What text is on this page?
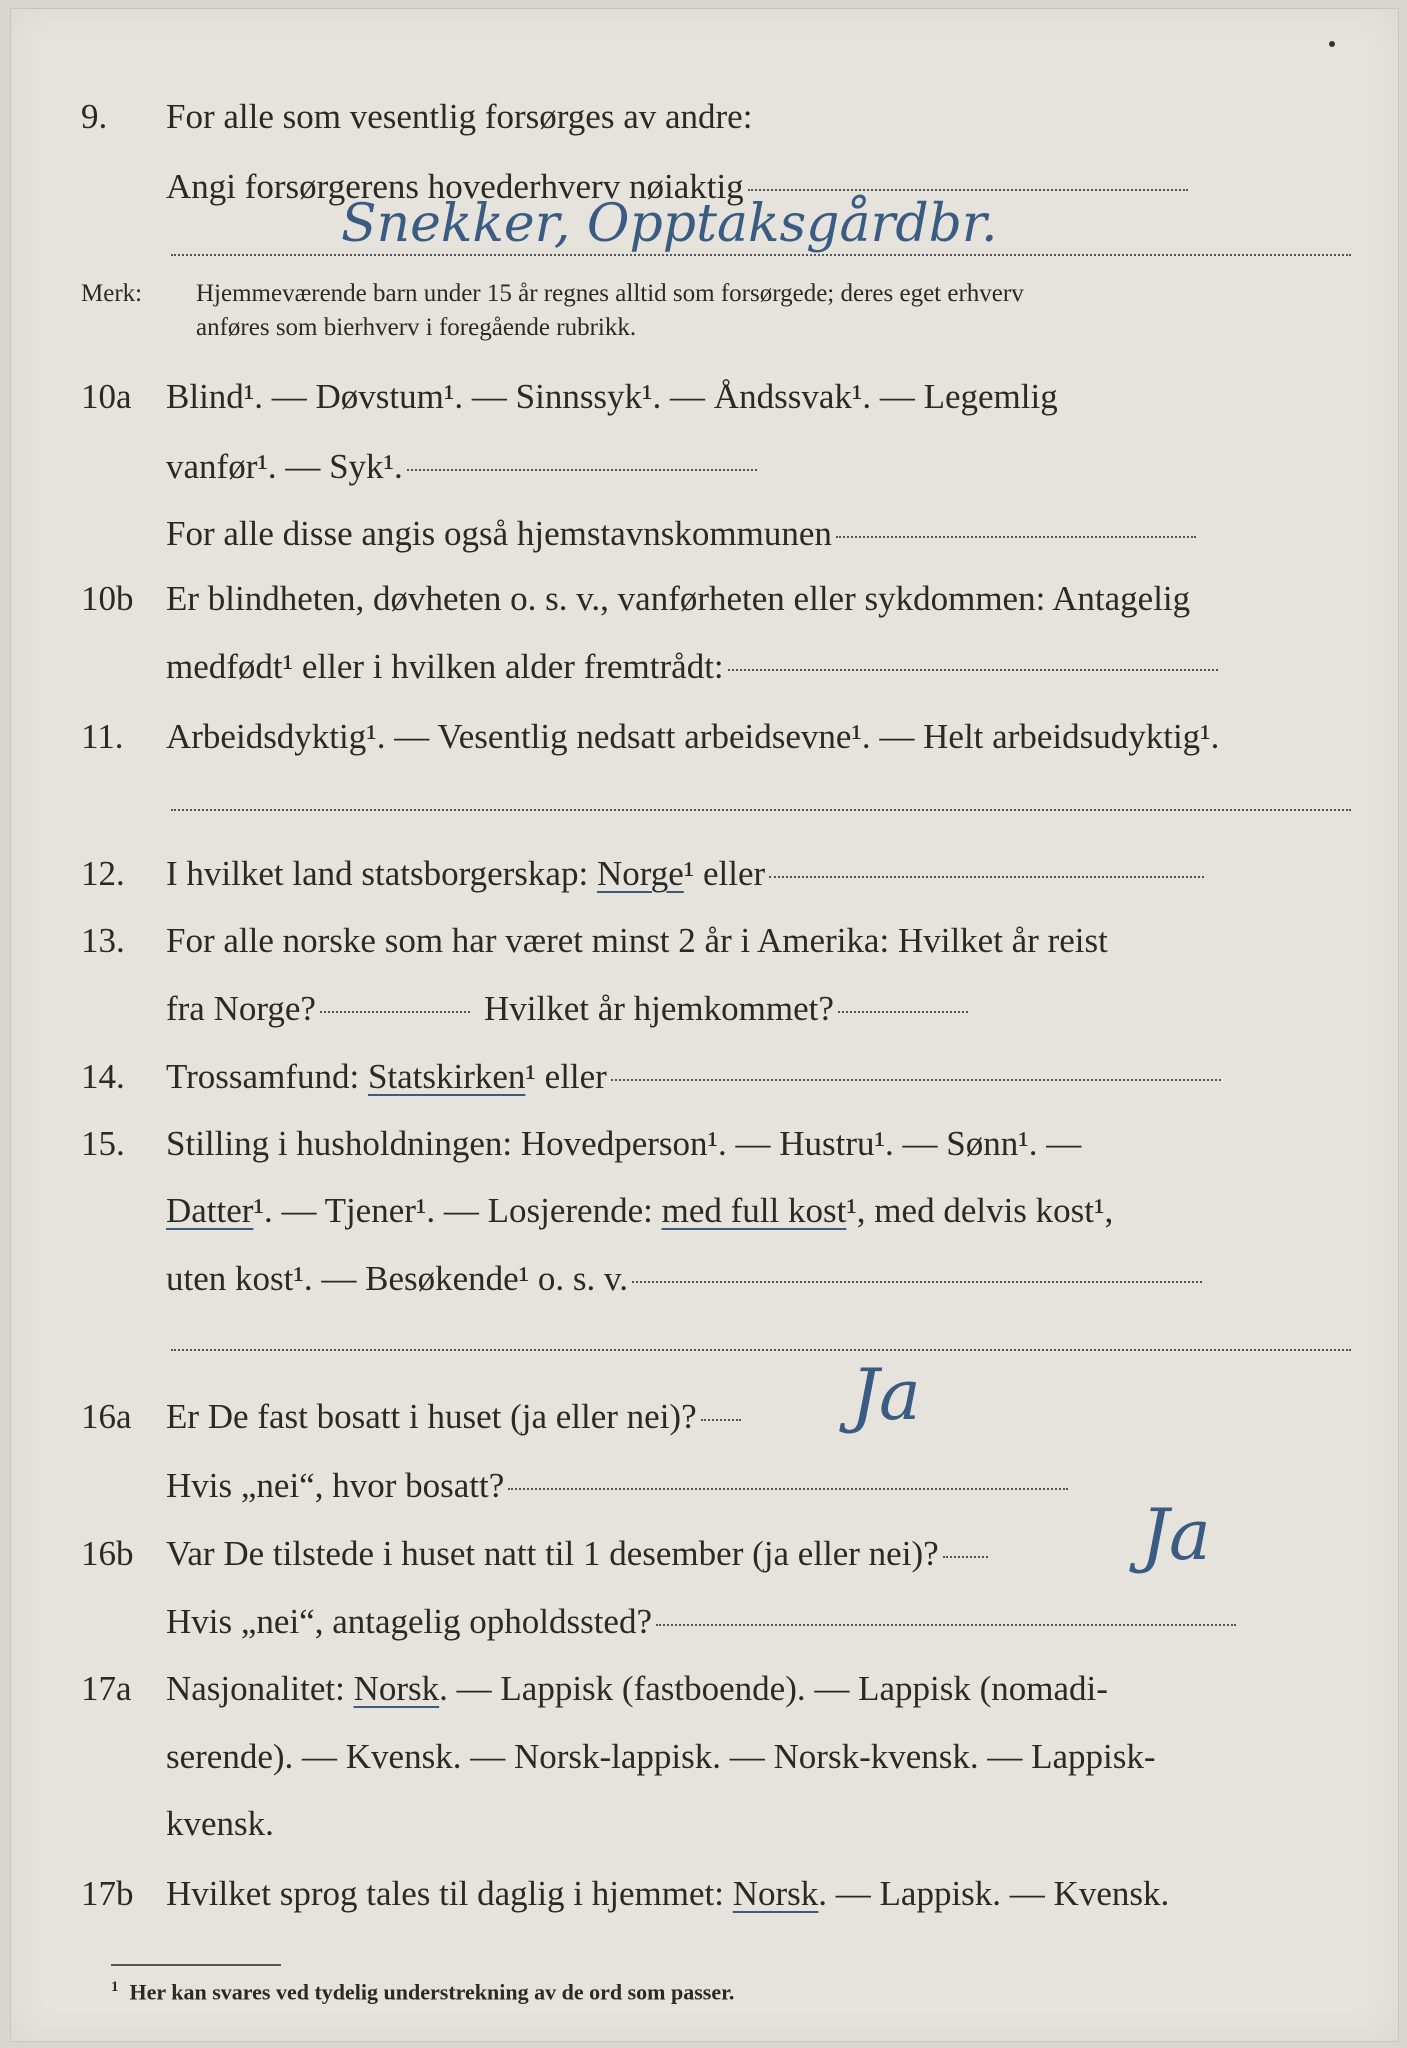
9.	For alle som vesentlig forsørges av andre:
Angi forsørgerens hovederhverv nøiaktig
Snekker, Opptaksgårdbr.
Merk: Hjemmeværende barn under 15 år regnes alltid som forsørgede; deres eget erhverv
anføres som bierhverv i foregående rubrikk.
10a Blind¹. — Døvstum¹. — Sinnssyk¹. — Åndssvak¹. — Legemlig
vanfør¹. — Syk¹.
For alle disse angis også hjemstavnskommunen
10b Er blindheten, døvheten o. s. v., vanførheten eller sykdommen: Antagelig
medfødt¹ eller i hvilken alder fremtrådt:
11.	Arbeidsdyktig¹. — Vesentlig nedsatt arbeidsevne¹. — Helt arbeidsudyktig¹.
12.	I hvilket land statsborgerskap: Norge¹ eller
13.	For alle norske som har været minst 2 år i Amerika: Hvilket år reist
fra Norge?	Hvilket år hjemkommet?
14.	Trossamfund: Statskirken¹ eller
15.	Stilling i husholdningen: Hovedperson¹. — Hustru¹. — Sønn¹. —
Datter¹. — Tjener¹. — Losjerende: med full kost¹, med delvis kost¹,
uten kost¹. — Besøkende¹ o. s. v.
16a Er De fast bosatt i huset (ja eller nei)?	Ja
Hvis „nei“, hvor bosatt?
16b Var De tilstede i huset natt til 1 desember (ja eller nei)?	Ja
Hvis „nei“, antagelig opholdssted?
17a Nasjonalitet: Norsk. — Lappisk (fastboende). — Lappisk (nomadi-
serende). — Kvensk. — Norsk-lappisk. — Norsk-kvensk. — Lappisk-
kvensk.
17b Hvilket sprog tales til daglig i hjemmet: Norsk. — Lappisk. — Kvensk.
$^1$ Her kan svares ved tydelig understrekning av de ord som passer.
